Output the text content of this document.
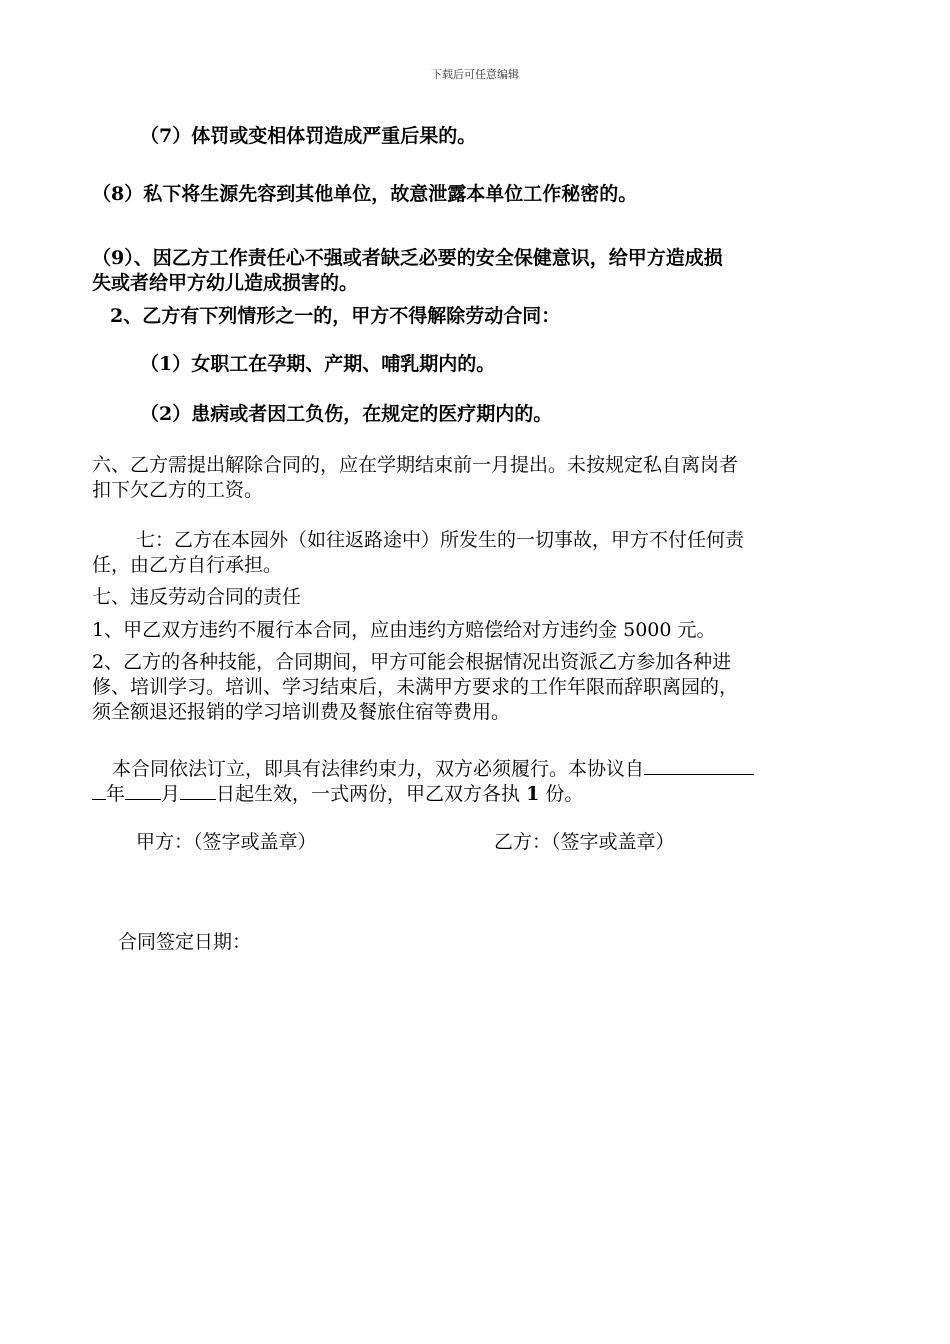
下载后可任意编辑
（7）体罚或变相体罚造成严重后果的。
（8）私下将生源先容到其他单位，故意泄露本单位工作秘密的。
（9）、因乙方工作责任心不强或者缺乏必要的安全保健意识，给甲方造成损
失或者给甲方幼儿造成损害的。
2、乙方有下列情形之一的，甲方不得解除劳动合同：
（1）女职工在孕期、产期、哺乳期内的。
（2）患病或者因工负伤，在规定的医疗期内的。
六、乙方需提出解除合同的，应在学期结束前一月提出。未按规定私自离岗者
扣下欠乙方的工资。
七：乙方在本园外（如往返路途中）所发生的一切事故，甲方不付任何责
任，由乙方自行承担。
七、违反劳动合同的责任
1、甲乙双方违约不履行本合同，应由违约方赔偿给对方违约金 5000 元。
2、乙方的各种技能，合同期间，甲方可能会根据情况出资派乙方参加各种进
修、培训学习。培训、学习结束后，未满甲方要求的工作年限而辞职离园的，
须全额退还报销的学习培训费及餐旅住宿等费用。
本合同依法订立，即具有法律约束力，双方必须履行。本协议自
年 月 日起生效，一式两份，甲乙双方各执 1 份。
甲方：（签字或盖章）	乙方：（签字或盖章）
合同签定日期：
